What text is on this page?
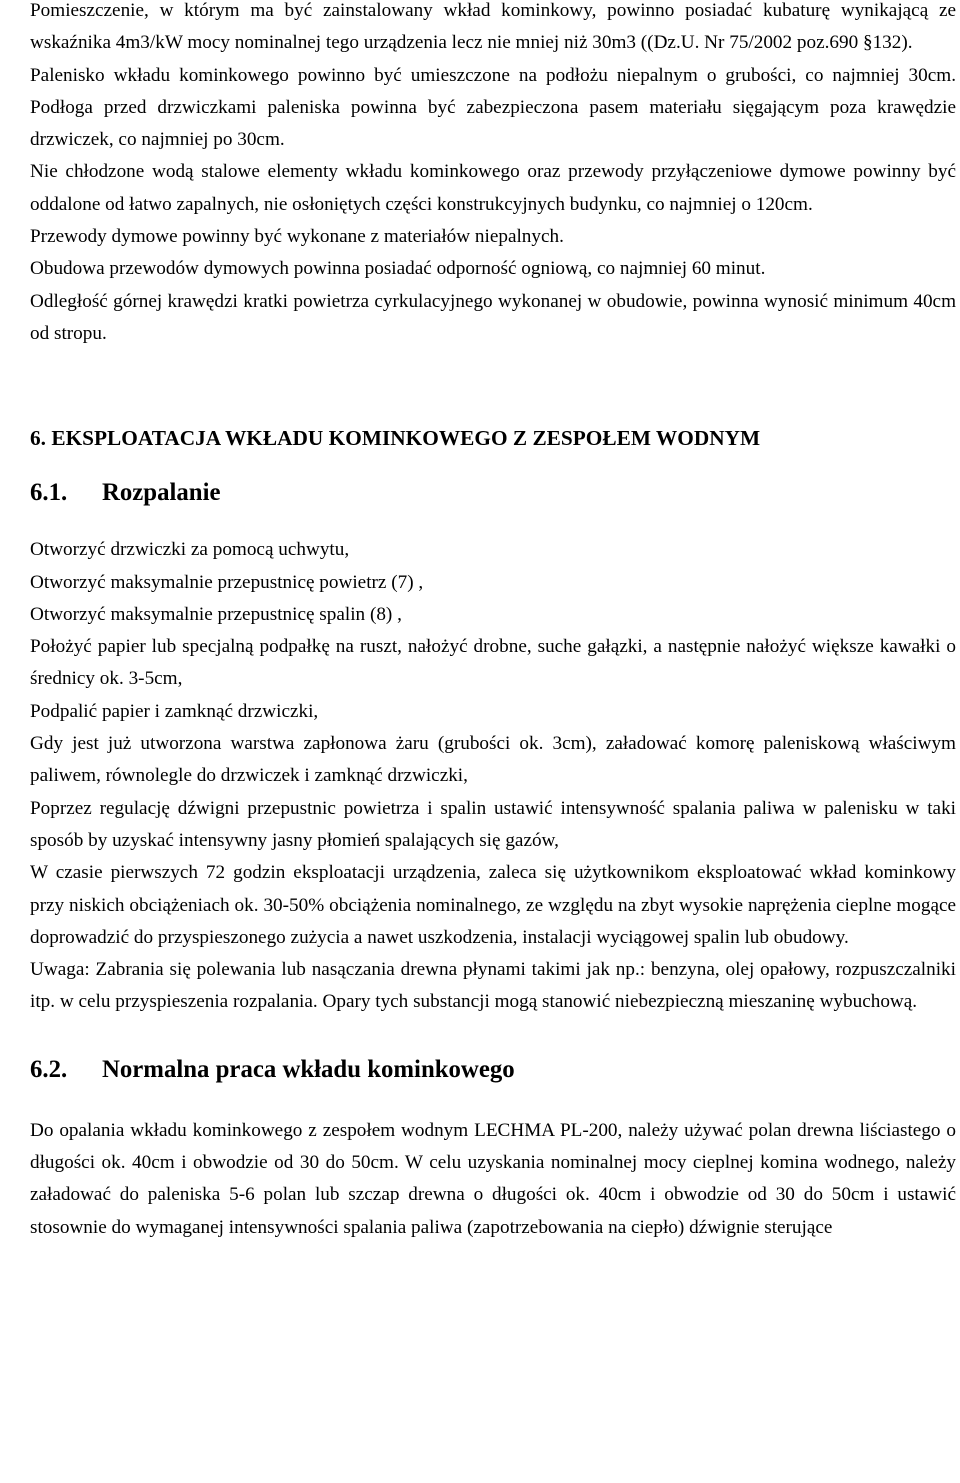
Pomieszczenie, w którym ma być zainstalowany wkład kominkowy, powinno posiadać kubaturę wynikającą ze wskaźnika 4m3/kW mocy nominalnej tego urządzenia lecz nie mniej niż 30m3 ((Dz.U. Nr 75/2002 poz.690 §132).

Palenisko wkładu kominkowego powinno być umieszczone na podłożu niepalnym o grubości, co najmniej 30cm. Podłoga przed drzwiczkami paleniska powinna być zabezpieczona pasem materiału sięgającym poza krawędzie drzwiczek, co najmniej po 30cm.

Nie chłodzone wodą stalowe elementy wkładu kominkowego oraz przewody przyłączeniowe dymowe powinny być oddalone od łatwo zapalnych, nie osłoniętych części konstrukcyjnych budynku, co najmniej o 120cm.

Przewody dymowe powinny być wykonane z materiałów niepalnych.

Obudowa przewodów dymowych powinna posiadać odporność ogniową, co najmniej 60 minut.

Odległość górnej krawędzi kratki powietrza cyrkulacyjnego wykonanej w obudowie, powinna wynosić minimum 40cm od stropu.

6. EKSPLOATACJA WKŁADU KOMINKOWEGO Z ZESPOŁEM WODNYM
6.1. Rozpalanie

Otworzyć drzwiczki za pomocą uchwytu,

Otworzyć maksymalnie przepustnicę powietrz (7) ,

Otworzyć maksymalnie przepustnicę spalin (8) ,

Położyć papier lub specjalną podpałkę na ruszt, nałożyć drobne, suche gałązki, a następnie nałożyć większe kawałki o średnicy ok. 3-5cm,

Podpalić papier i zamknąć drzwiczki,

Gdy jest już utworzona warstwa zapłonowa żaru (grubości ok. 3cm), załadować komorę paleniskową właściwym paliwem, równolegle do drzwiczek i zamknąć drzwiczki,

Poprzez regulację dźwigni przepustnic powietrza i spalin ustawić intensywność spalania paliwa w palenisku w taki sposób by uzyskać intensywny jasny płomień spalających się gazów,

W czasie pierwszych 72 godzin eksploatacji urządzenia, zaleca się użytkownikom eksploatować wkład kominkowy przy niskich obciążeniach ok. 30-50% obciążenia nominalnego, ze względu na zbyt wysokie naprężenia cieplne mogące doprowadzić do przyspieszonego zużycia a nawet uszkodzenia, instalacji wyciągowej spalin lub obudowy.

Uwaga: Zabrania się polewania lub nasączania drewna płynami takimi jak np.: benzyna, olej opałowy, rozpuszczalniki itp. w celu przyspieszenia rozpalania. Opary tych substancji mogą stanowić niebezpieczną mieszaninę wybuchową.

6.2. Normalna praca wkładu kominkowego

Do opalania wkładu kominkowego z zespołem wodnym LECHMA PL-200, należy używać polan drewna liściastego o długości ok. 40cm i obwodzie od 30 do 50cm. W celu uzyskania nominalnej mocy cieplnej komina wodnego, należy załadować do paleniska 5-6 polan lub szczap drewna o długości ok. 40cm i obwodzie od 30 do 50cm i ustawić stosownie do wymaganej intensywności spalania paliwa (zapotrzebowania na ciepło) dźwignie sterujące
